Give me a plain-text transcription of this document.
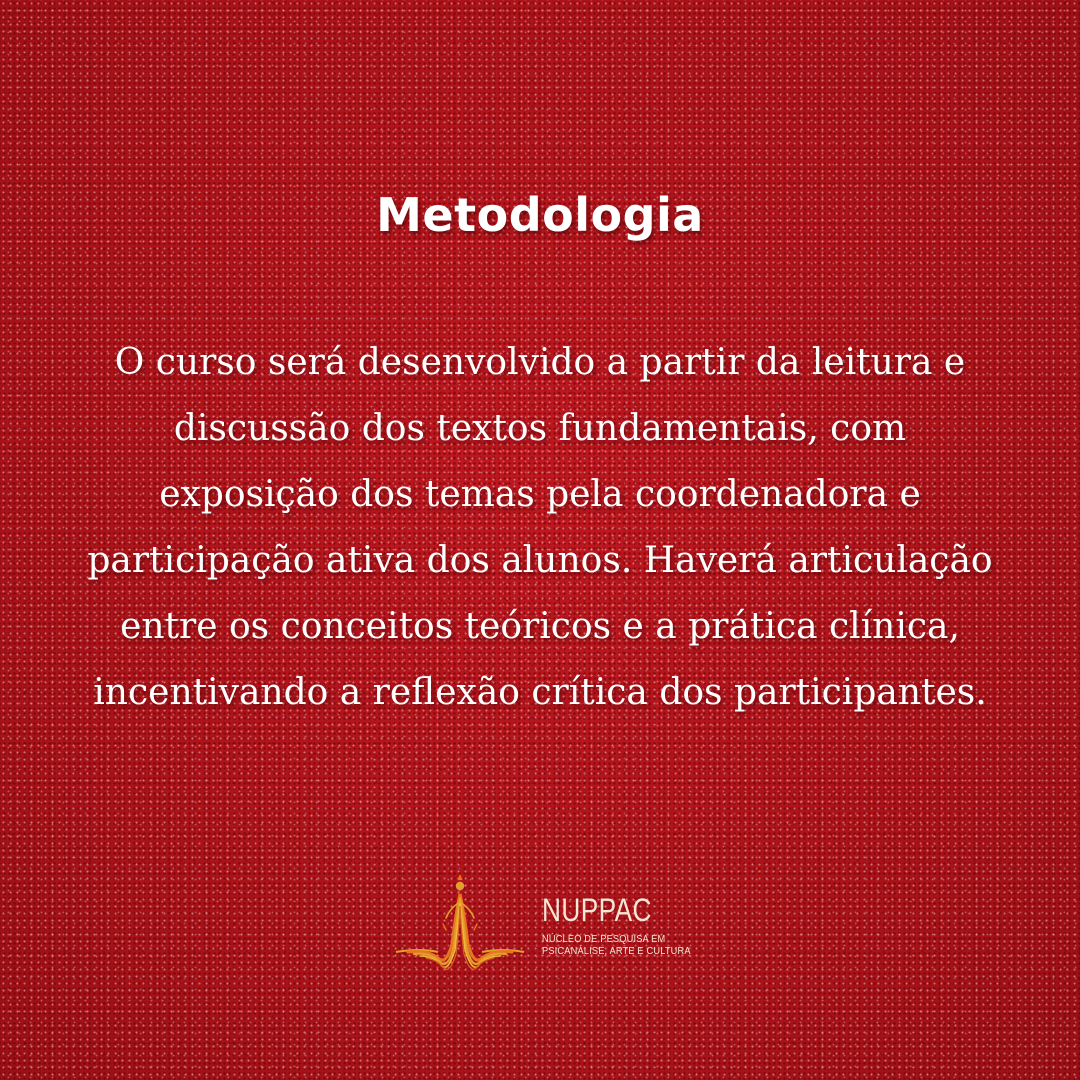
Metodologia

O curso será desenvolvido a partir da leitura e discussão dos textos fundamentais, com exposição dos temas pela coordenadora e participação ativa dos alunos. Haverá articulação entre os conceitos teóricos e a prática clínica, incentivando a reflexão crítica dos participantes.

NUPPAC
NÚCLEO DE PESQUISA EM
PSICANÁLISE, ARTE E CULTURA
